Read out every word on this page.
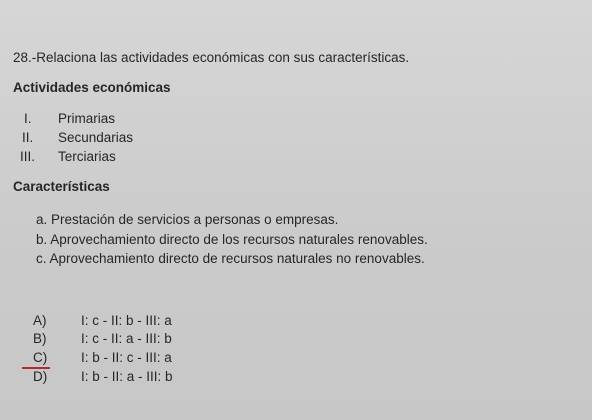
28.-Relaciona las actividades económicas con sus características.
Actividades económicas
I.	Primarias
II.	Secundarias
III.	Terciarias
Características
a. Prestación de servicios a personas o empresas.
b. Aprovechamiento directo de los recursos naturales renovables.
c. Aprovechamiento directo de recursos naturales no renovables.
A)	I: c - II: b - III: a
B)	I: c - II: a - III: b
C)	I: b - II: c - III: a
D)	I: b - II: a - III: b
